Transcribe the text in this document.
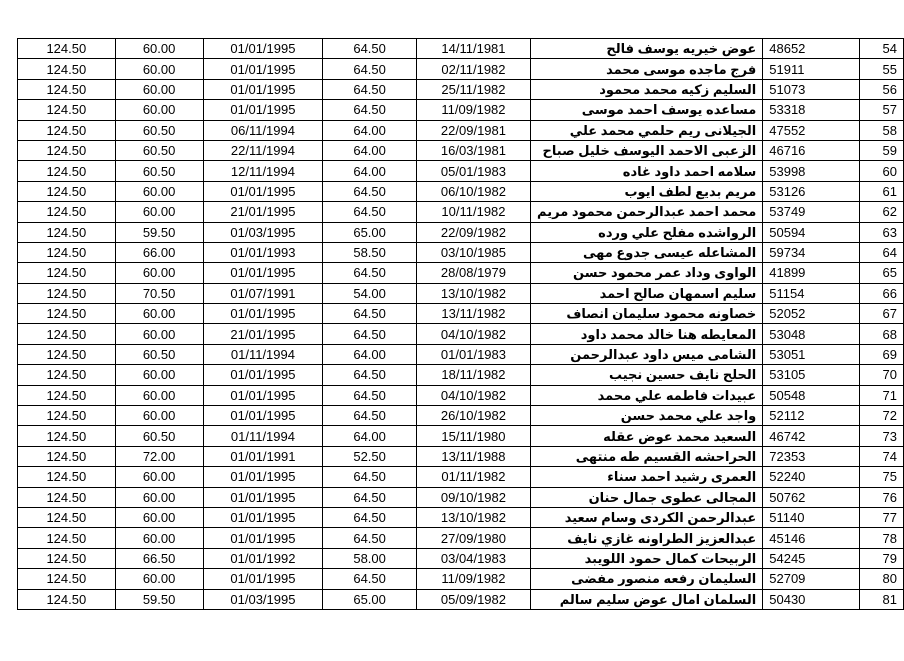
124.50	60.00	01/01/1995	64.50	14/11/1981	عوض خيريه يوسف فالح	48652	54
124.50	60.00	01/01/1995	64.50	02/11/1982	فرج ماجده موسى محمد	51911	55
124.50	60.00	01/01/1995	64.50	25/11/1982	السليم زكيه محمد محمود	51073	56
124.50	60.00	01/01/1995	64.50	11/09/1982	مساعده يوسف احمد موسى	53318	57
124.50	60.50	06/11/1994	64.00	22/09/1981	الجيلانى ريم حلمي محمد علي	47552	58
124.50	60.50	22/11/1994	64.00	16/03/1981	الزعبى الاحمد اليوسف خليل صباح	46716	59
124.50	60.50	12/11/1994	64.00	05/01/1983	سلامه احمد داود غاده	53998	60
124.50	60.00	01/01/1995	64.50	06/10/1982	مريم بديع لطف ايوب	53126	61
124.50	60.00	21/01/1995	64.50	10/11/1982	محمد احمد عبدالرحمن محمود مريم	53749	62
124.50	59.50	01/03/1995	65.00	22/09/1982	الرواشده مفلح علي ورده	50594	63
124.50	66.00	01/01/1993	58.50	03/10/1985	المشاعله عيسى جدوع مهى	59734	64
124.50	60.00	01/01/1995	64.50	28/08/1979	الواوى وداد عمر محمود حسن	41899	65
124.50	70.50	01/07/1991	54.00	13/10/1982	سليم اسمهان صالح احمد	51154	66
124.50	60.00	01/01/1995	64.50	13/11/1982	خصاونه محمود سليمان انصاف	52052	67
124.50	60.00	21/01/1995	64.50	04/10/1982	المعايطه هنا خالد محمد داود	53048	68
124.50	60.50	01/11/1994	64.00	01/01/1983	الشامى ميس داود عبدالرحمن	53051	69
124.50	60.00	01/01/1995	64.50	18/11/1982	الحلح نايف حسين نجيب	53105	70
124.50	60.00	01/01/1995	64.50	04/10/1982	عبيدات فاطمه علي محمد	50548	71
124.50	60.00	01/01/1995	64.50	26/10/1982	واجد علي محمد حسن	52112	72
124.50	60.50	01/11/1994	64.00	15/11/1980	السعيد محمد عوض عقله	46742	73
124.50	72.00	01/01/1991	52.50	13/11/1988	الحراحشه القسيم طه منتهى	72353	74
124.50	60.00	01/01/1995	64.50	01/11/1982	العمرى رشيد احمد سناء	52240	75
124.50	60.00	01/01/1995	64.50	09/10/1982	المجالى عطوى جمال حنان	50762	76
124.50	60.00	01/01/1995	64.50	13/10/1982	عبدالرحمن الكردى وسام سعيد	51140	77
124.50	60.00	01/01/1995	64.50	27/09/1980	عبدالعزيز الطراونه غازي نايف	45146	78
124.50	66.50	01/01/1992	58.00	03/04/1983	الربيحات كمال حمود اللويبد	54245	79
124.50	60.00	01/01/1995	64.50	11/09/1982	السليمان رفعه منصور مفضى	52709	80
124.50	59.50	01/03/1995	65.00	05/09/1982	السلمان امال عوض سليم سالم	50430	81
